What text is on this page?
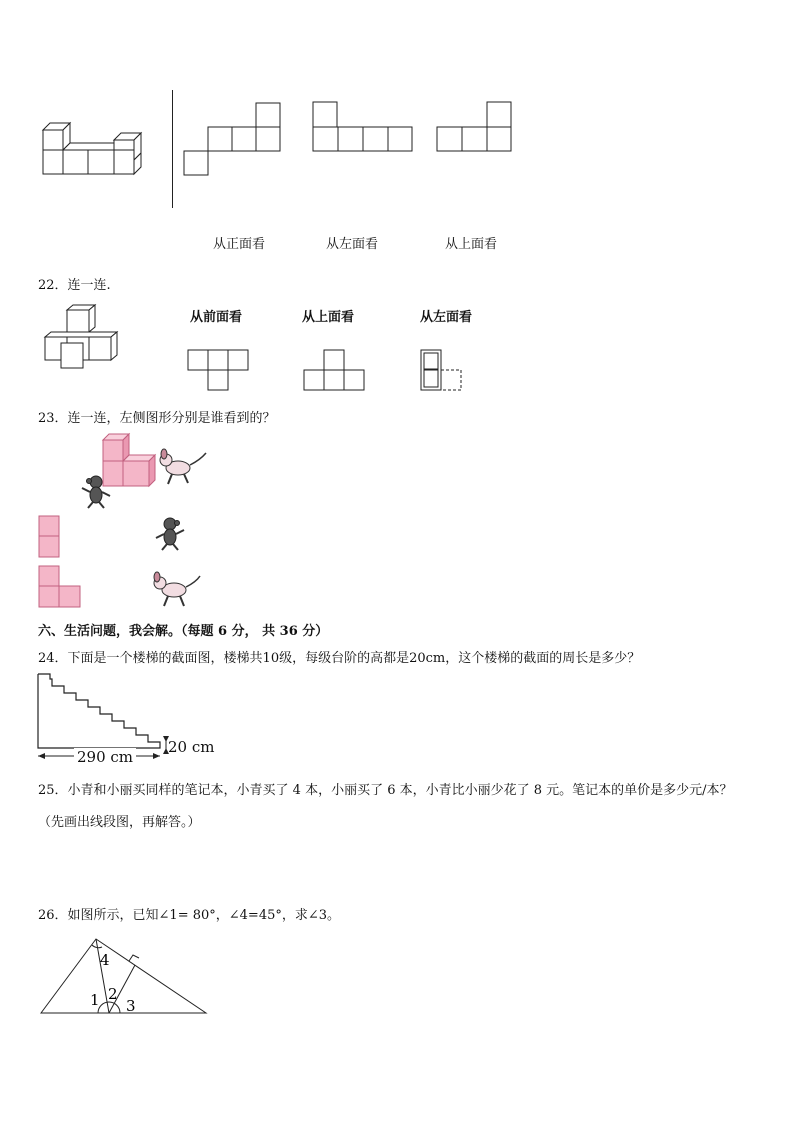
从正面看	从左面看	从上面看
22．连一连.
从前面看	从上面看	从左面看
23．连一连，左侧图形分别是谁看到的？
六、生活问题，我会解。（每题 6 分， 共 36 分）
24．下面是一个楼梯的截面图，楼梯共10级，每级台阶的高都是20cm，这个楼梯的截面的周长是多少？
290 cm
20 cm
25．小青和小丽买同样的笔记本，小青买了 4 本，小丽买了 6 本，小青比小丽少花了 8 元。笔记本的单价是多少元/本？
（先画出线段图，再解答。）
26．如图所示，已知∠1= 80°，∠4=45°，求∠3。
4
1 2
3
